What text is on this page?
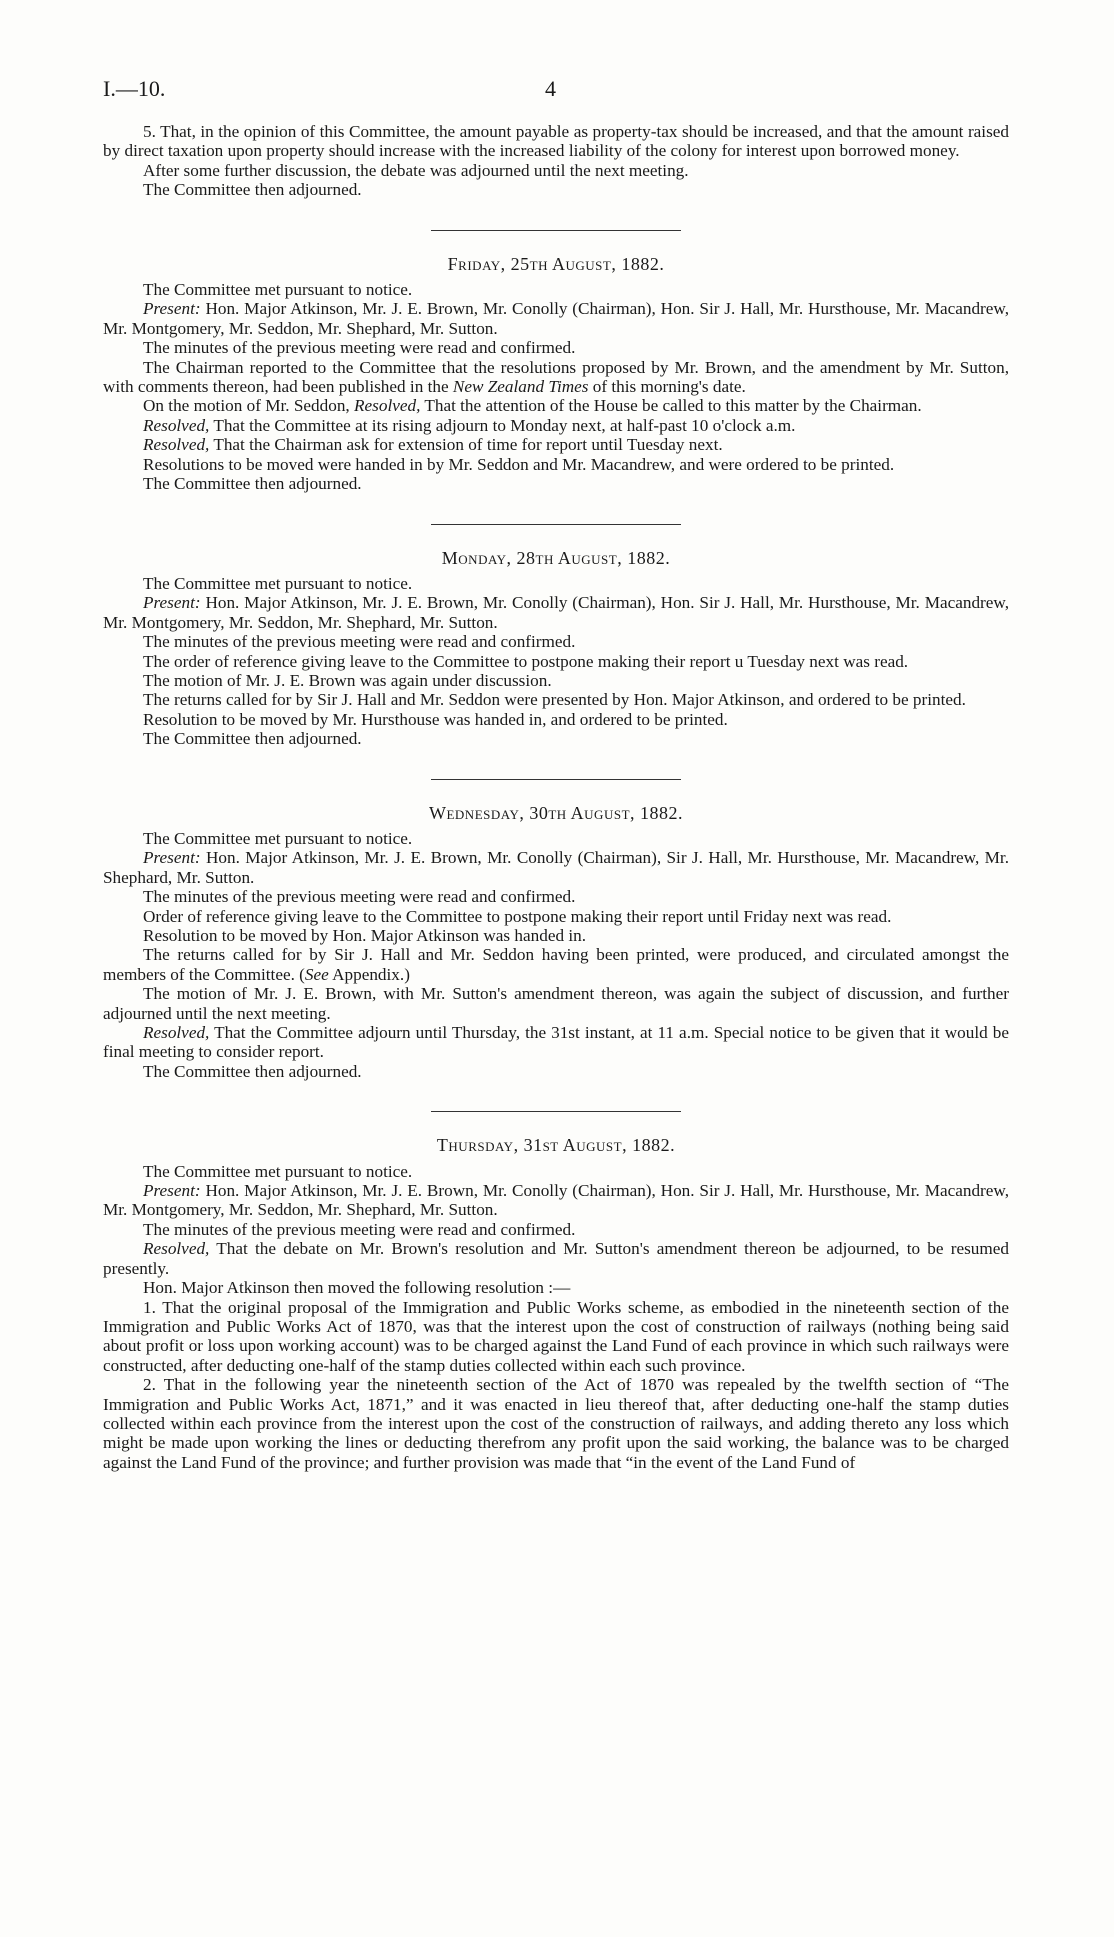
I.—10.	4

5. That, in the opinion of this Committee, the amount payable as property-tax should be increased, and that the amount raised by direct taxation upon property should increase with the increased liability of the colony for interest upon borrowed money.

After some further discussion, the debate was adjourned until the next meeting.

The Committee then adjourned.

Friday, 25th August, 1882.

The Committee met pursuant to notice.

Present: Hon. Major Atkinson, Mr. J. E. Brown, Mr. Conolly (Chairman), Hon. Sir J. Hall, Mr. Hursthouse, Mr. Macandrew, Mr. Montgomery, Mr. Seddon, Mr. Shephard, Mr. Sutton.

The minutes of the previous meeting were read and confirmed.

The Chairman reported to the Committee that the resolutions proposed by Mr. Brown, and the amendment by Mr. Sutton, with comments thereon, had been published in the New Zealand Times of this morning's date.

On the motion of Mr. Seddon, Resolved, That the attention of the House be called to this matter by the Chairman.

Resolved, That the Committee at its rising adjourn to Monday next, at half-past 10 o'clock a.m.

Resolved, That the Chairman ask for extension of time for report until Tuesday next.

Resolutions to be moved were handed in by Mr. Seddon and Mr. Macandrew, and were ordered to be printed.

The Committee then adjourned.

Monday, 28th August, 1882.

The Committee met pursuant to notice.

Present: Hon. Major Atkinson, Mr. J. E. Brown, Mr. Conolly (Chairman), Hon. Sir J. Hall, Mr. Hursthouse, Mr. Macandrew, Mr. Montgomery, Mr. Seddon, Mr. Shephard, Mr. Sutton.

The minutes of the previous meeting were read and confirmed.

The order of reference giving leave to the Committee to postpone making their report u Tuesday next was read.

The motion of Mr. J. E. Brown was again under discussion.

The returns called for by Sir J. Hall and Mr. Seddon were presented by Hon. Major Atkinson, and ordered to be printed.

Resolution to be moved by Mr. Hursthouse was handed in, and ordered to be printed.

The Committee then adjourned.

Wednesday, 30th August, 1882.

The Committee met pursuant to notice.

Present: Hon. Major Atkinson, Mr. J. E. Brown, Mr. Conolly (Chairman), Sir J. Hall, Mr. Hursthouse, Mr. Macandrew, Mr. Shephard, Mr. Sutton.

The minutes of the previous meeting were read and confirmed.

Order of reference giving leave to the Committee to postpone making their report until Friday next was read.

Resolution to be moved by Hon. Major Atkinson was handed in.

The returns called for by Sir J. Hall and Mr. Seddon having been printed, were produced, and circulated amongst the members of the Committee. (See Appendix.)

The motion of Mr. J. E. Brown, with Mr. Sutton's amendment thereon, was again the subject of discussion, and further adjourned until the next meeting.

Resolved, That the Committee adjourn until Thursday, the 31st instant, at 11 a.m. Special notice to be given that it would be final meeting to consider report.

The Committee then adjourned.

Thursday, 31st August, 1882.

The Committee met pursuant to notice.

Present: Hon. Major Atkinson, Mr. J. E. Brown, Mr. Conolly (Chairman), Hon. Sir J. Hall, Mr. Hursthouse, Mr. Macandrew, Mr. Montgomery, Mr. Seddon, Mr. Shephard, Mr. Sutton.

The minutes of the previous meeting were read and confirmed.

Resolved, That the debate on Mr. Brown's resolution and Mr. Sutton's amendment thereon be adjourned, to be resumed presently.

Hon. Major Atkinson then moved the following resolution :—

1. That the original proposal of the Immigration and Public Works scheme, as embodied in the nineteenth section of the Immigration and Public Works Act of 1870, was that the interest upon the cost of construction of railways (nothing being said about profit or loss upon working account) was to be charged against the Land Fund of each province in which such railways were constructed, after deducting one-half of the stamp duties collected within each such province.

2. That in the following year the nineteenth section of the Act of 1870 was repealed by the twelfth section of “The Immigration and Public Works Act, 1871,” and it was enacted in lieu thereof that, after deducting one-half the stamp duties collected within each province from the interest upon the cost of the construction of railways, and adding thereto any loss which might be made upon working the lines or deducting therefrom any profit upon the said working, the balance was to be charged against the Land Fund of the province; and further provision was made that “in the event of the Land Fund of
